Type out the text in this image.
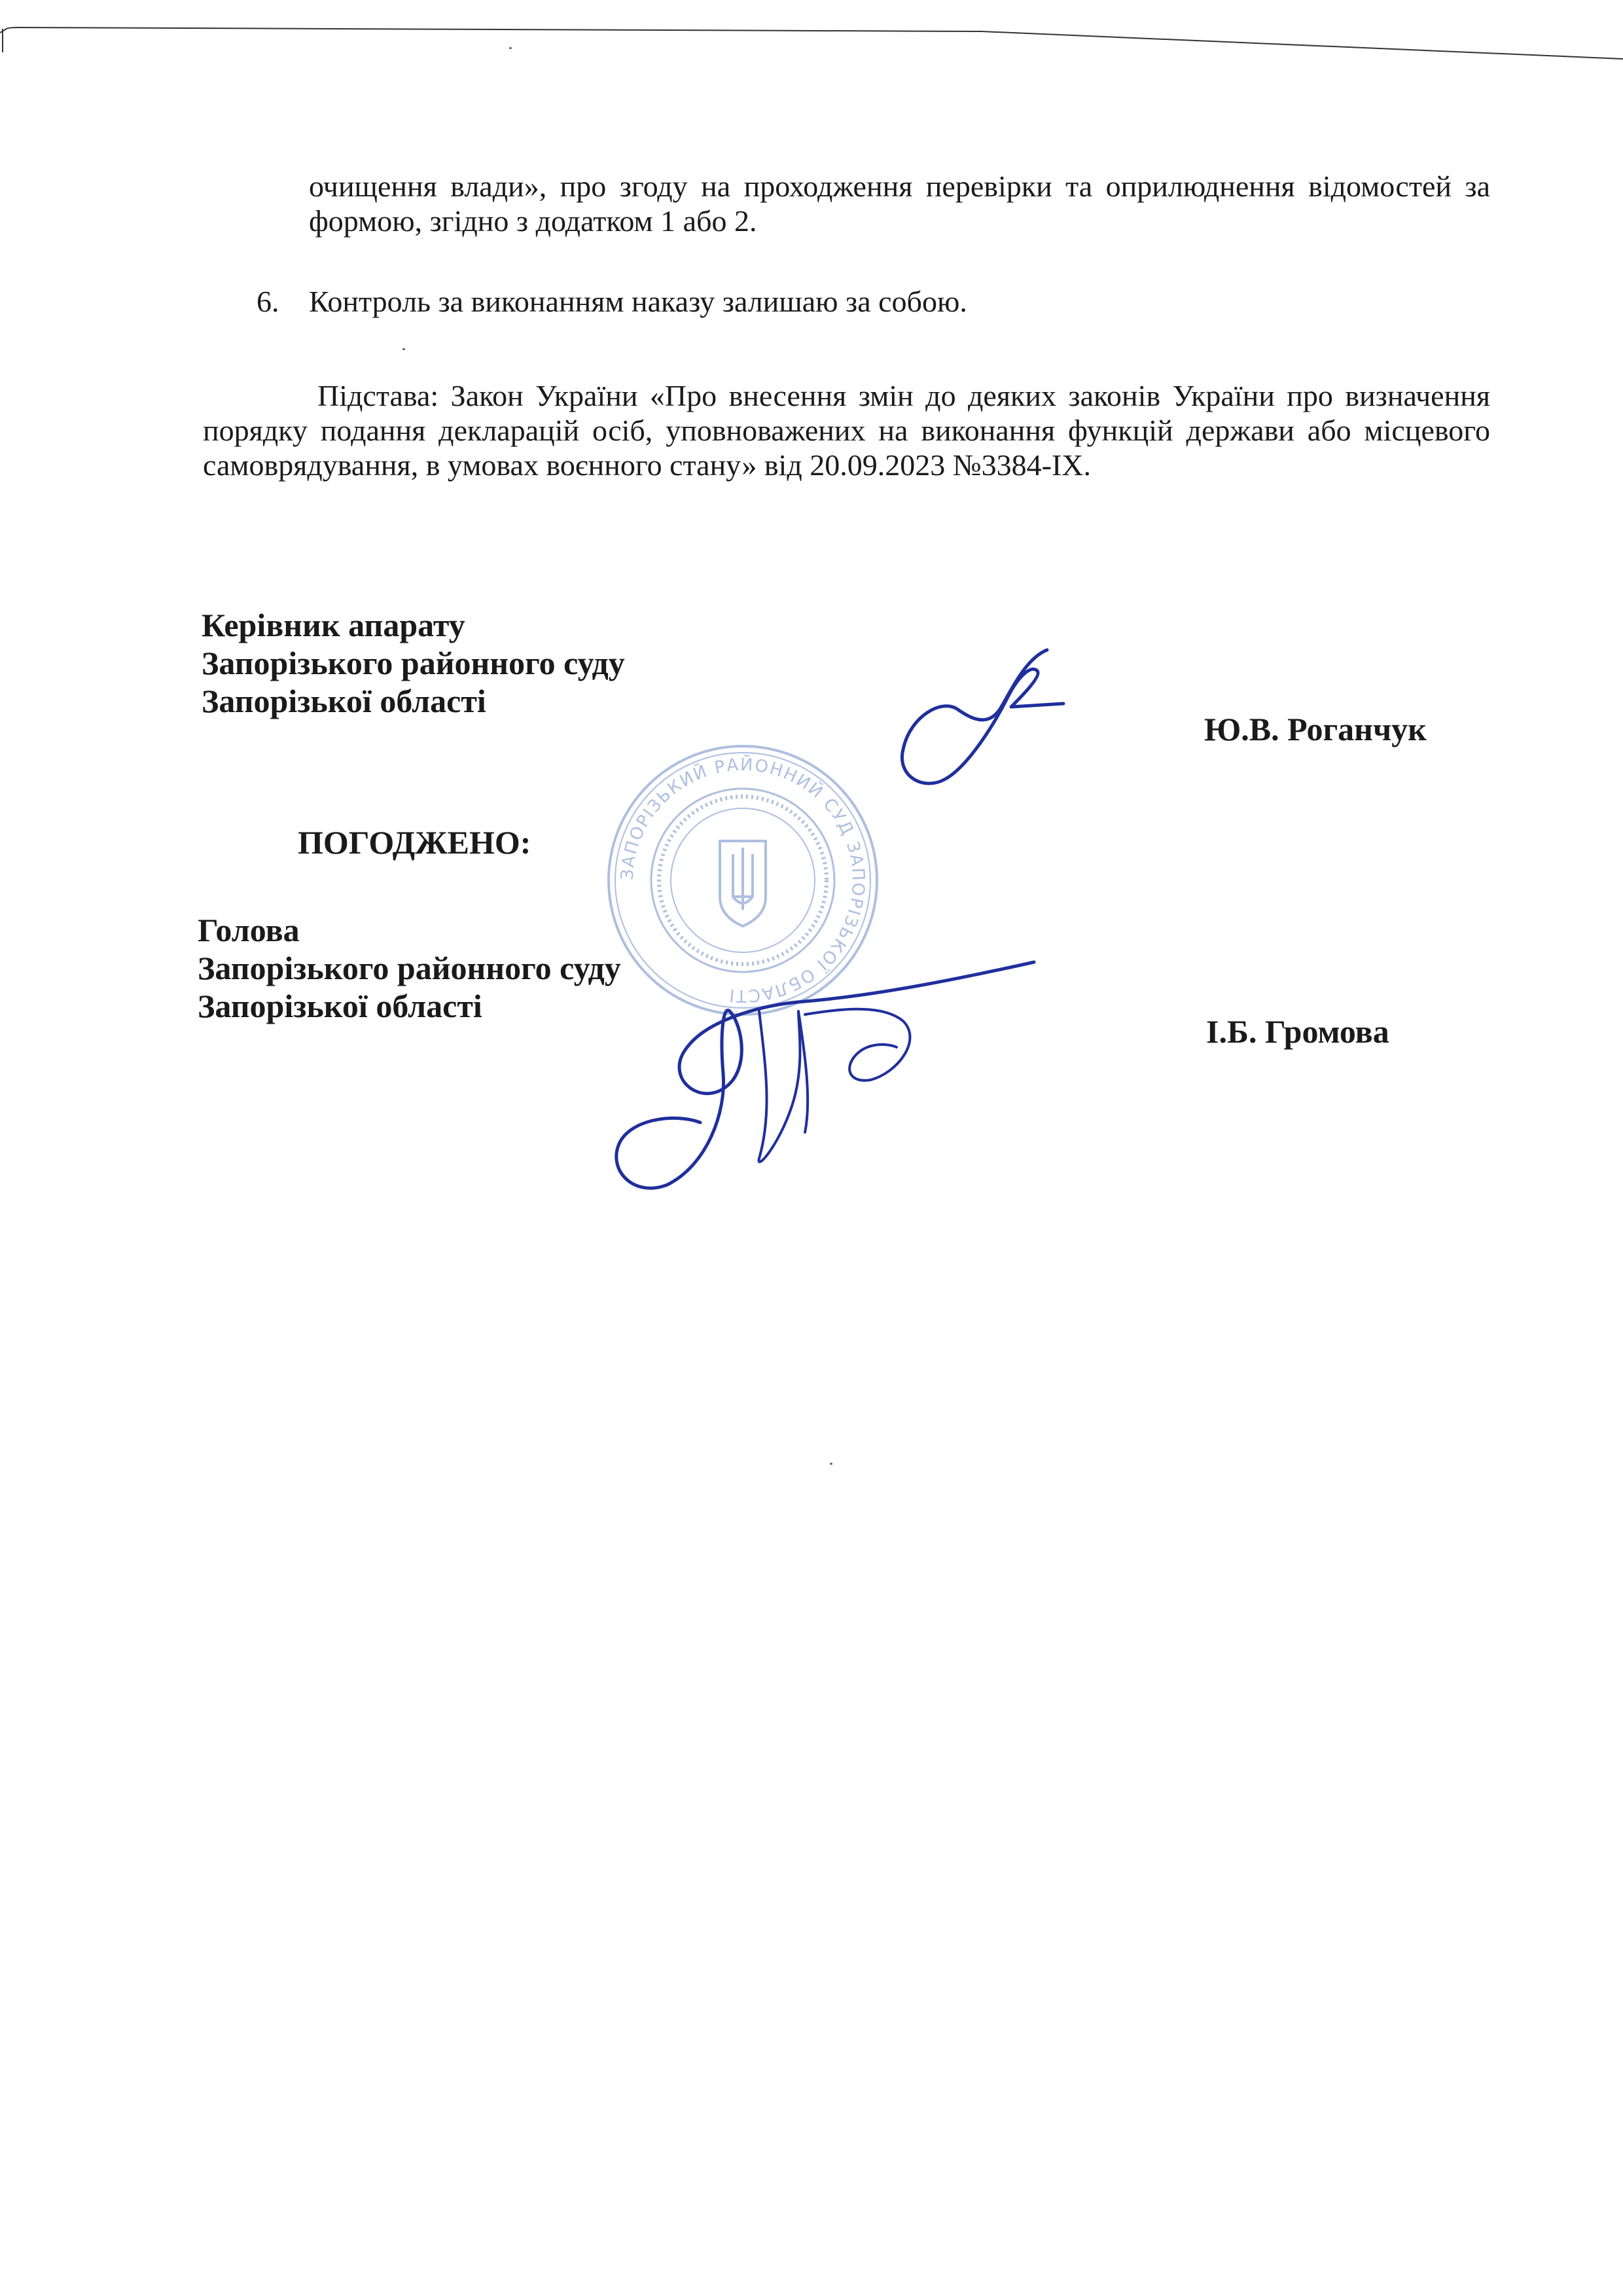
очищення влади», про згоду на проходження перевірки та оприлюднення відомостей за формою, згідно з додатком 1 або 2.

6. Контроль за виконанням наказу залишаю за собою.

Підстава: Закон України «Про внесення змін до деяких законів України про визначення порядку подання декларацій осіб, уповноважених на виконання функцій держави або місцевого самоврядування, в умовах воєнного стану» від 20.09.2023 №3384-IX.

Керівник апарату
Запорізького районного суду
Запорізької області
Ю.В. Роганчук
ПОГОДЖЕНО:
Голова
Запорізького районного суду
Запорізької області
І.Б. Громова
ЗАПОРІЗЬКИЙ РАЙОННИЙ СУД ЗАПОРІЗЬКОЇ ОБЛАСТІ
